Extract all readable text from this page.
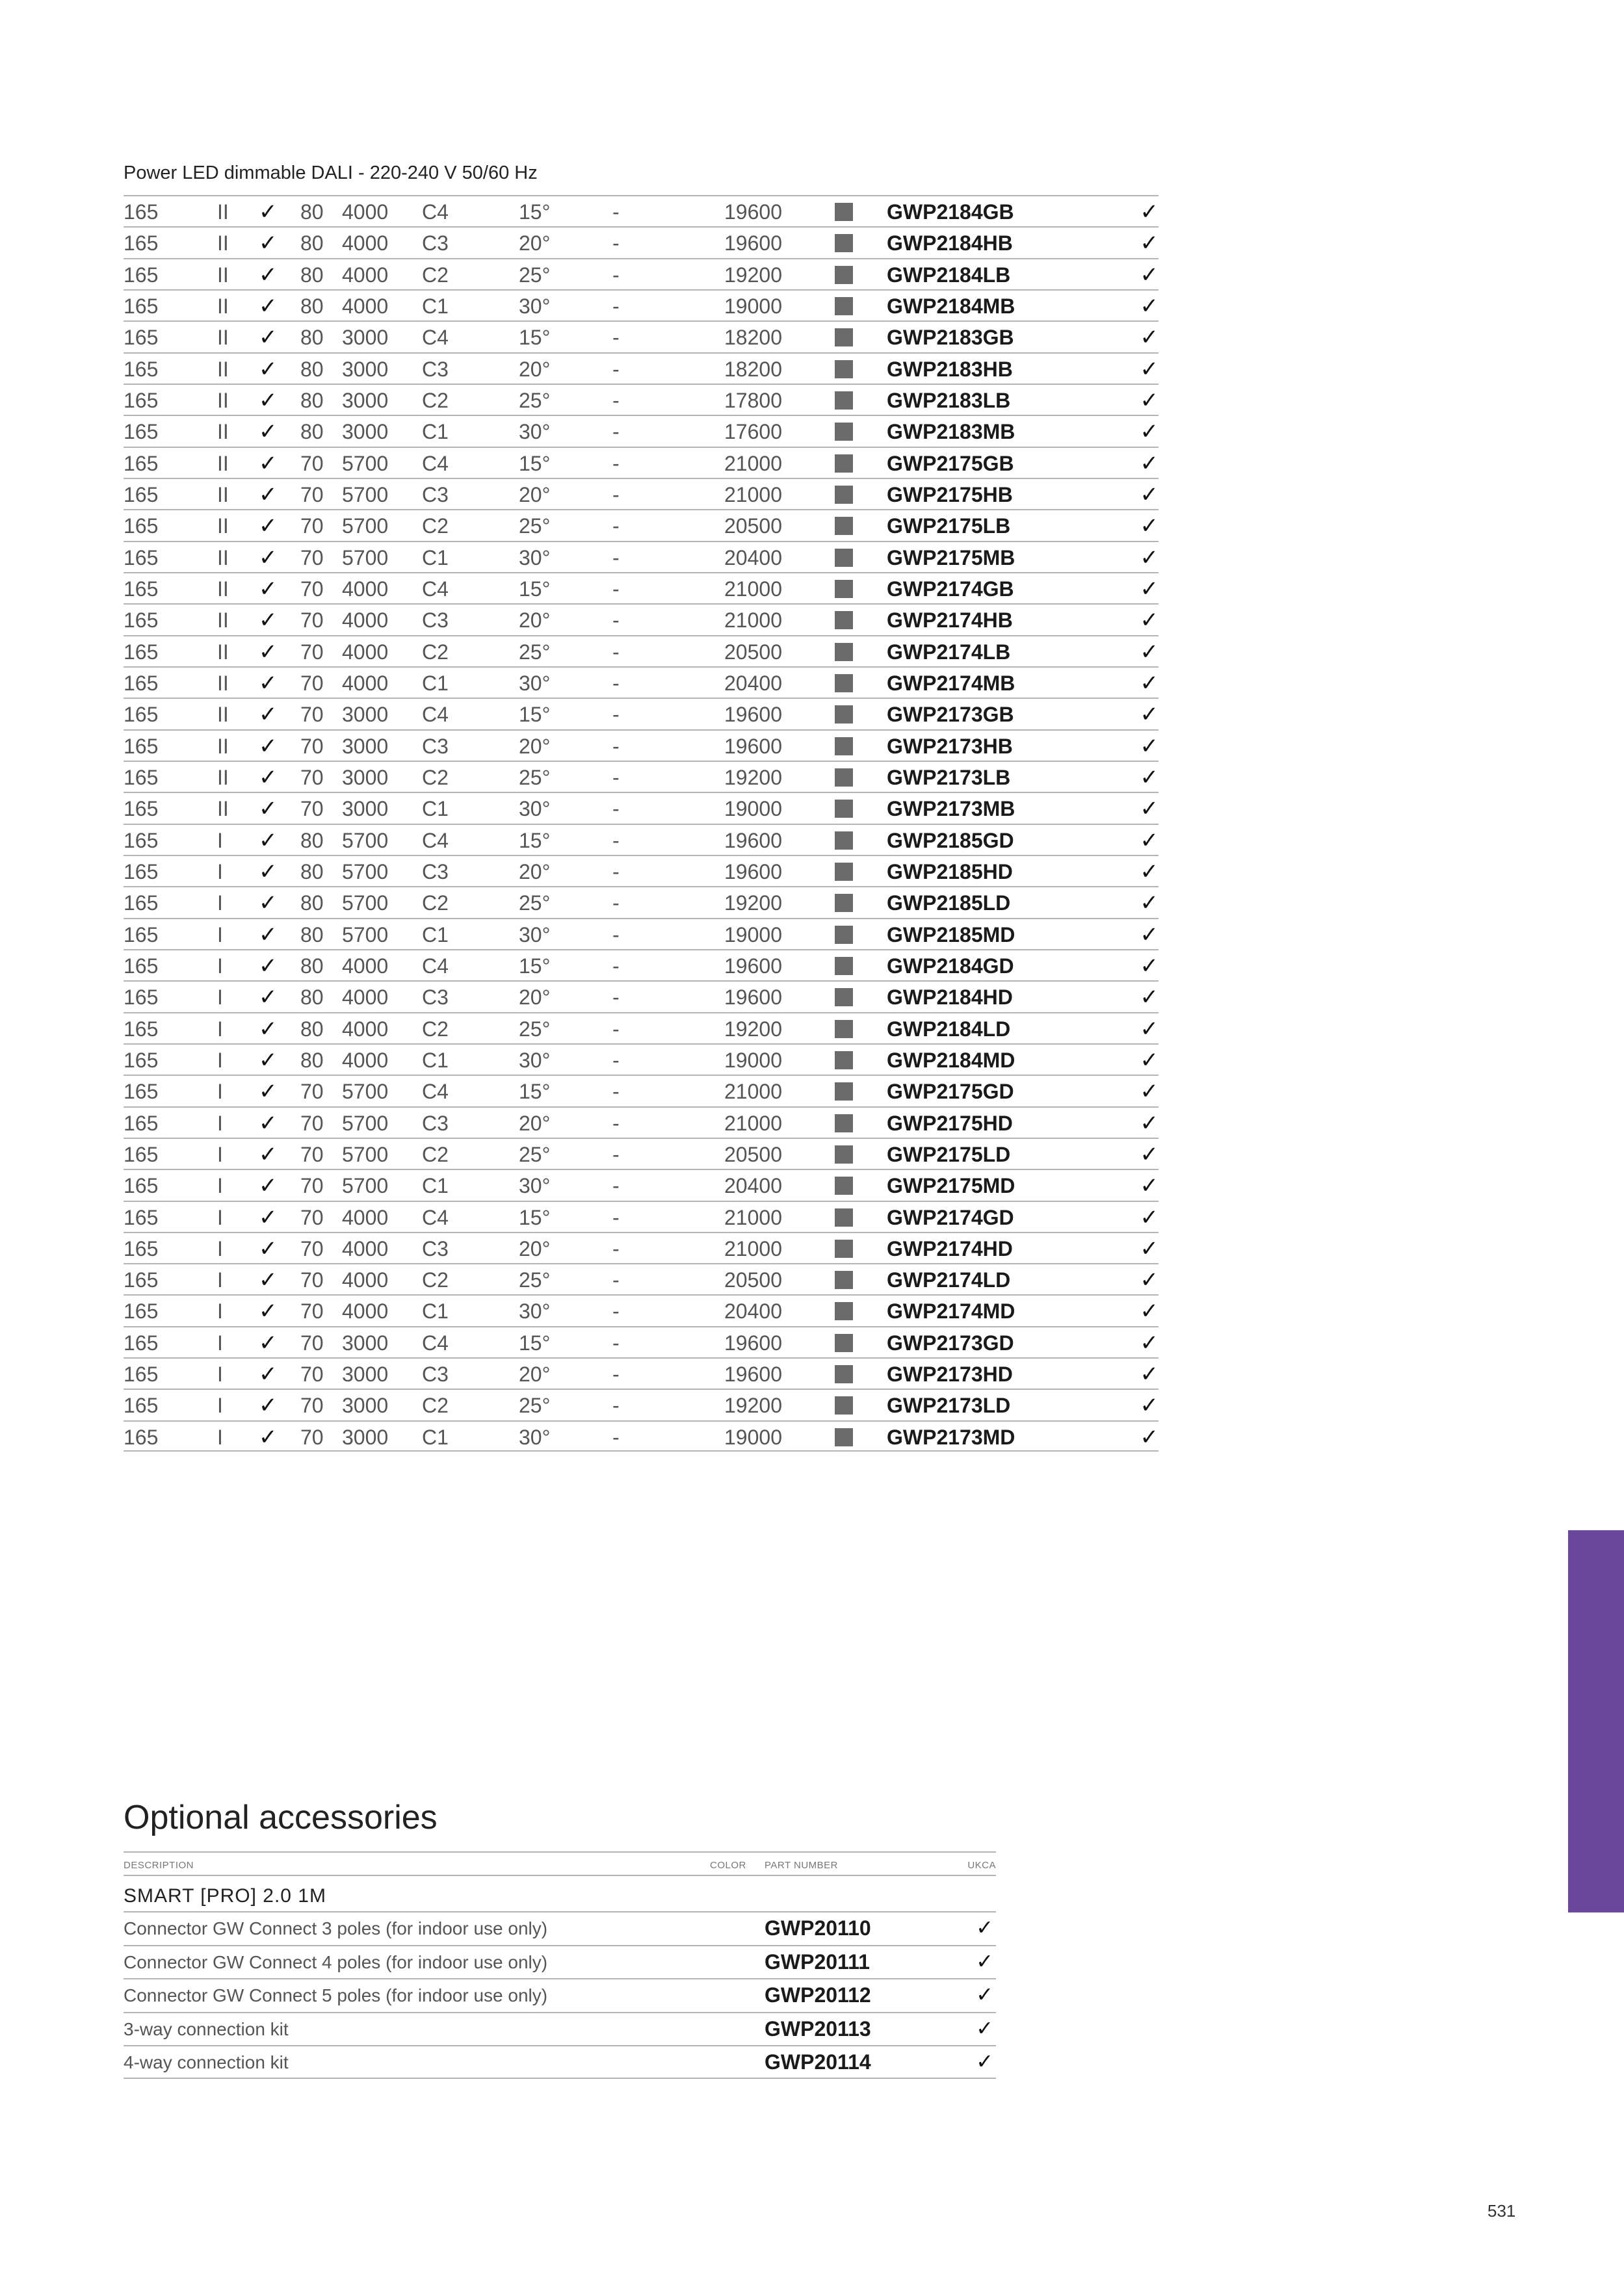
Power LED dimmable DALI - 220-240 V 50/60 Hz
165	II ✓ 80 4000 C4	15°	-	19600	GWP2184GB	✓
165	II ✓ 80 4000 C3	20°	-	19600	GWP2184HB	✓
165	II ✓ 80 4000 C2	25°	-	19200	GWP2184LB	✓
165	II ✓ 80 4000 C1	30°	-	19000	GWP2184MB	✓
165	II ✓ 80 3000 C4	15°	-	18200	GWP2183GB	✓
165	II ✓ 80 3000 C3	20°	-	18200	GWP2183HB	✓
165	II ✓ 80 3000 C2	25°	-	17800	GWP2183LB	✓
165	II ✓ 80 3000 C1	30°	-	17600	GWP2183MB	✓
165	II ✓ 70 5700 C4	15°	-	21000	GWP2175GB	✓
165	II ✓ 70 5700 C3	20°	-	21000	GWP2175HB	✓
165	II ✓ 70 5700 C2	25°	-	20500	GWP2175LB	✓
165	II ✓ 70 5700 C1	30°	-	20400	GWP2175MB	✓
165	II ✓ 70 4000 C4	15°	-	21000	GWP2174GB	✓
165	II ✓ 70 4000 C3	20°	-	21000	GWP2174HB	✓
165	II ✓ 70 4000 C2	25°	-	20500	GWP2174LB	✓
165	II ✓ 70 4000 C1	30°	-	20400	GWP2174MB	✓
165	II ✓ 70 3000 C4	15°	-	19600	GWP2173GB	✓
165	II ✓ 70 3000 C3	20°	-	19600	GWP2173HB	✓
165	II ✓ 70 3000 C2	25°	-	19200	GWP2173LB	✓
165	II ✓ 70 3000 C1	30°	-	19000	GWP2173MB	✓
165	I ✓ 80 5700 C4	15°	-	19600	GWP2185GD	✓
165	I ✓ 80 5700 C3	20°	-	19600	GWP2185HD	✓
165	I ✓ 80 5700 C2	25°	-	19200	GWP2185LD	✓
165	I ✓ 80 5700 C1	30°	-	19000	GWP2185MD	✓
165	I ✓ 80 4000 C4	15°	-	19600	GWP2184GD	✓
165	I ✓ 80 4000 C3	20°	-	19600	GWP2184HD	✓
165	I ✓ 80 4000 C2	25°	-	19200	GWP2184LD	✓
165	I ✓ 80 4000 C1	30°	-	19000	GWP2184MD	✓
165	I ✓ 70 5700 C4	15°	-	21000	GWP2175GD	✓
165	I ✓ 70 5700 C3	20°	-	21000	GWP2175HD	✓
165	I ✓ 70 5700 C2	25°	-	20500	GWP2175LD	✓
165	I ✓ 70 5700 C1	30°	-	20400	GWP2175MD	✓
165	I ✓ 70 4000 C4	15°	-	21000	GWP2174GD	✓
165	I ✓ 70 4000 C3	20°	-	21000	GWP2174HD	✓
165	I ✓ 70 4000 C2	25°	-	20500	GWP2174LD	✓
165	I ✓ 70 4000 C1	30°	-	20400	GWP2174MD	✓
165	I ✓ 70 3000 C4	15°	-	19600	GWP2173GD	✓
165	I ✓ 70 3000 C3	20°	-	19600	GWP2173HD	✓
165	I ✓ 70 3000 C2	25°	-	19200	GWP2173LD	✓
165	I ✓ 70 3000 C1	30°	-	19000	GWP2173MD	✓
Optional accessories
DESCRIPTION	COLOR PART NUMBER	UKCA
SMART [PRO] 2.0 1M
Connector GW Connect 3 poles (for indoor use only)	GWP20110	✓
Connector GW Connect 4 poles (for indoor use only)	GWP20111	✓
Connector GW Connect 5 poles (for indoor use only)	GWP20112	✓
3-way connection kit	GWP20113	✓
4-way connection kit	GWP20114	✓
531
